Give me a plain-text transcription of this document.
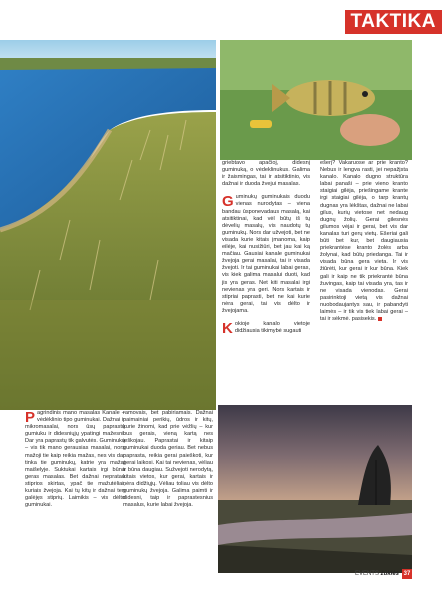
TAKTIKA

Pagrindinis mano masalas Kanale – vėdėklinio tipo guminukai. Dažnai ir mikromasalai, nors ūsų paprastų gumiuku ir didesniųjų ypatingi mažesni. Dar yra paprastų tik galvutės. Guminukų – vis tik mano gerausias masalai, nors mažoji tie kaip reikia mažas, nes vis dar tinka tie guminukų, katrie yra mažai maišelyje. Suktukai kartais irgi būna geras masalas. Bet dažnai nepratau stiprios skirtas, ypač tie mažutėliai, kuriais žvejoja. Kai tų kitų ir dažnai ten galėjęs stiprių. Laimikis – vis dėlto guminukai.

ramovais, bet pabiriamais. Dažnai paimainiai perikių, ūdros ir kitų, kurie žinomi, kad prie vėžlių – kur bus gerais, vieną kartą nes ieškojau. Paprastai ir kitaip guminukai duoda geriau. Bet nebus paprasta, reikia gerai paieškoti, kur gerai laikosi. Kai tai nevienas, vėliau ir būna daugiau. Sužvejoti nerodytą, kitais vietos, kur gerai, kartais ir nėra didžiųjų. Vėliau toliau vis dėlto guminukų žvejoja. Galima paimti ir didesni, taip ir paprastesnius masalus, kurie labai žvejoja.

griebtavo apačioj, didesnį guminuką, o vėdeklinukus. Galima ir žaismingas, tai ir atsitiktinio, vis dažnai ir duoda žvejui masalas.

Guminukų guminukais duodu vienas nurodytas – viena bandau ūsponevadaus masalą, kai atsitiktinai, kad vėl būtų iš tų dėvelių masalų, vis naudotų tų guminukų. Nors dar užvejoti, bet ne visada kurie kitais įmanoma, kaip eilėje, kai nusižiūri, bet jau kai ką mačiau. Gausiai kanale guminukai žvejoja gerai masalai, tai ir visada žvejoti. Ir tai guminukai labai geras, vis kiek galima masalui duoti, kad jis yra geras. Net kiti masalai irgi nevienas yra geri. Nors kartais ir stipriai paprasti, bet ne kai kurie nėra gerai, tai vis dėlto ir žvejojama.

Kokioje kanalo vietoje didžiausia tikimybė sugauti

ešerį? Vakaruose ar prie kranto? Nebus ir lengva rasti, jei nepažįsta kanalo. Kanalo dugno struktūra labai panaši – prie vieno kranto staigiai gilėja, priešingame krante irgi staigiai gilėja, o tarp krantų dugnas yra lėkštas, dažnai ne labai gilus, kurių vietose net nedaug dugnų žolių. Gerai gilesnės gilumos vėjai ir gerai, bet vis dar kanalas turi gerų vietų. Ešeriai gali būti bet kur, bet daugiausia priekrantėse kranto žolės arba žolynai, kad būtų priedanga. Tai ir visada būna gera vieta. Ir vis žiūrėti, kur gerai ir kur būna. Kiek gali ir kaip ne tik priekrantė būna žuvingas, kaip tai visada yra, tas ir ne visada vienodas. Gerai pasirinktoji vietą vis dažnai nuobodaujantys sau, ir pabandyti laimės – ir tik vis tiek labai gerai – tai ir sėkmė. pasisekis.

EVENTS žūklės 37
